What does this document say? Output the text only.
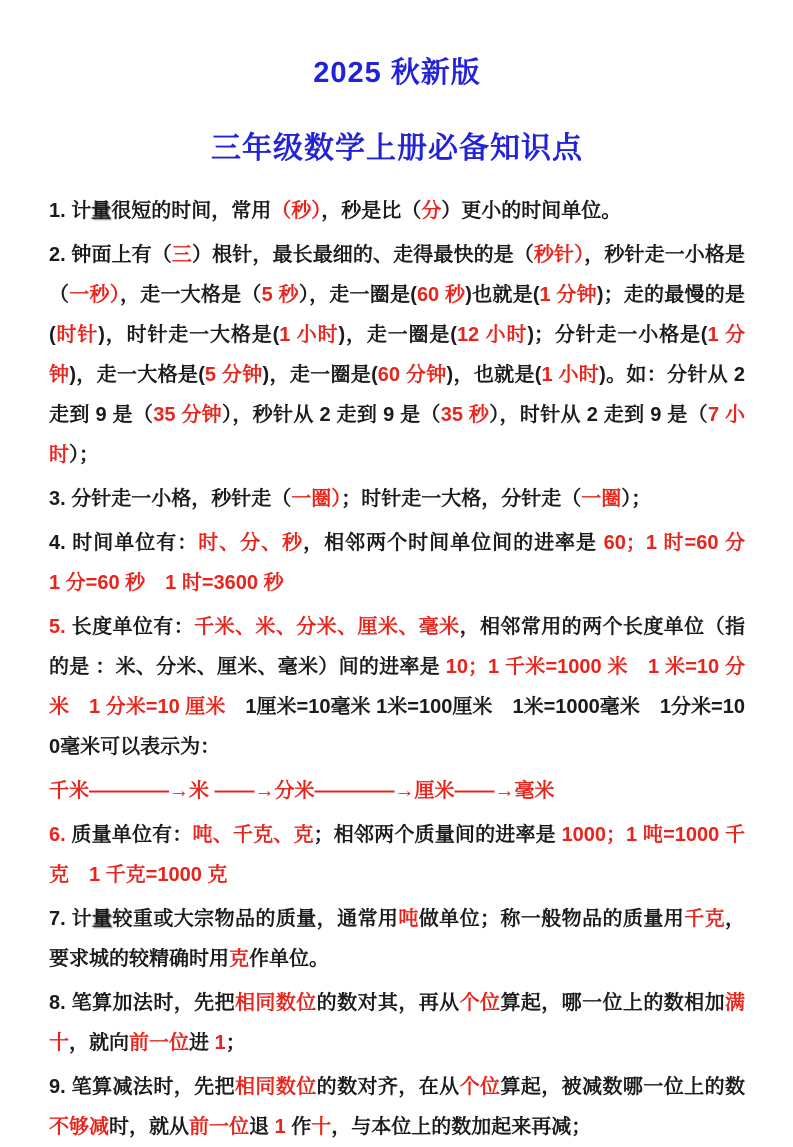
2025 秋新版
三年级数学上册必备知识点

1. 计量很短的时间，常用（秒），秒是比（分）更小的时间单位。

2. 钟面上有（三）根针，最长最细的、走得最快的是（秒针），秒针走一小格是（一秒），走一大格是（5 秒），走一圈是(60 秒)也就是(1 分钟)；走的最慢的是(时针)，时针走一大格是(1 小时)，走一圈是(12 小时)；分针走一小格是(1 分钟)，走一大格是(5 分钟)，走一圈是(60 分钟)，也就是(1 小时)。如：分针从 2 走到 9 是（35 分钟），秒针从 2 走到 9 是（35 秒），时针从 2 走到 9 是（7 小时）；

3. 分针走一小格，秒针走（一圈）；时针走一大格，分针走（一圈）；

4. 时间单位有：时、分、秒，相邻两个时间单位间的进率是 60；1 时=60 分　1 分=60 秒　1 时=3600 秒

5. 长度单位有：千米、米、分米、厘米、毫米，相邻常用的两个长度单位（指的是 ：米、分米、厘米、毫米）间的进率是 10；1 千米=1000 米　1 米=10 分米　1 分米=10 厘米　1厘米=10毫米 1米=100厘米　1米=1000毫米　1分米=100毫米可以表示为：

千米————→米 ——→分米————→厘米——→毫米

6. 质量单位有：吨、千克、克；相邻两个质量间的进率是 1000；1 吨=1000 千克　1 千克=1000 克

7. 计量较重或大宗物品的质量，通常用吨做单位；称一般物品的质量用千克，要求城的较精确时用克作单位。

8. 笔算加法时，先把相同数位的数对其，再从个位算起，哪一位上的数相加满十，就向前一位进 1；

9. 笔算减法时，先把相同数位的数对齐，在从个位算起，被减数哪一位上的数不够减时，就从前一位退 1 作十，与本位上的数加起来再减；
